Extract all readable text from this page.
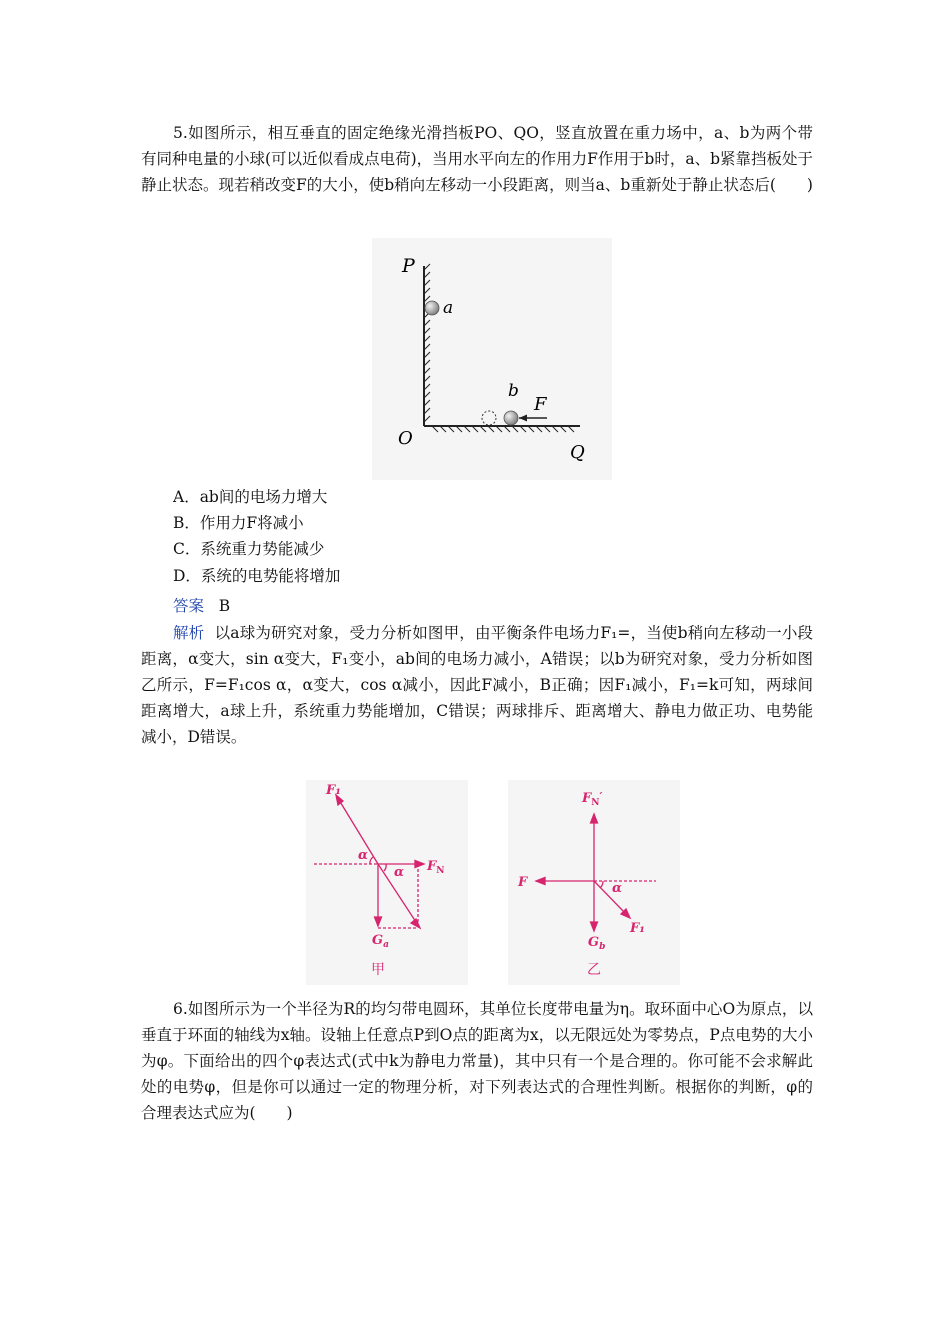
5.如图所示，相互垂直的固定绝缘光滑挡板PO、QO，竖直放置在重力场中，a、b为两个带有同种电量的小球(可以近似看成点电荷)，当用水平向左的作用力F作用于b时，a、b紧靠挡板处于静止状态。现若稍改变F的大小，使b稍向左移动一小段距离，则当a、b重新处于静止状态后(　　)

P
a
b
F
O
Q
A．ab间的电场力增大
B．作用力F将减小
C．系统重力势能减少
D．系统的电势能将增加
答案 B

解析 以a球为研究对象，受力分析如图甲，由平衡条件电场力F₁=，当使b稍向左移动一小段距离，α变大，sin α变大，F₁变小，ab间的电场力减小，A错误；以b为研究对象，受力分析如图乙所示，F=F₁cos α，α变大，cos α减小，因此F减小，B正确；因F₁减小，F₁=k可知，两球间距离增大，a球上升，系统重力势能增加，C错误；两球排斥、距离增大、静电力做正功、电势能减小，D错误。

F₁
α
α $F_N$
$G_a$
甲
$F_N'$
F	α
F₁
$G_b$
乙

6.如图所示为一个半径为R的均匀带电圆环，其单位长度带电量为η。取环面中心O为原点，以垂直于环面的轴线为x轴。设轴上任意点P到O点的距离为x，以无限远处为零势点，P点电势的大小为φ。下面给出的四个φ表达式(式中k为静电力常量)，其中只有一个是合理的。你可能不会求解此处的电势φ，但是你可以通过一定的物理分析，对下列表达式的合理性判断。根据你的判断，φ的合理表达式应为(　　)
